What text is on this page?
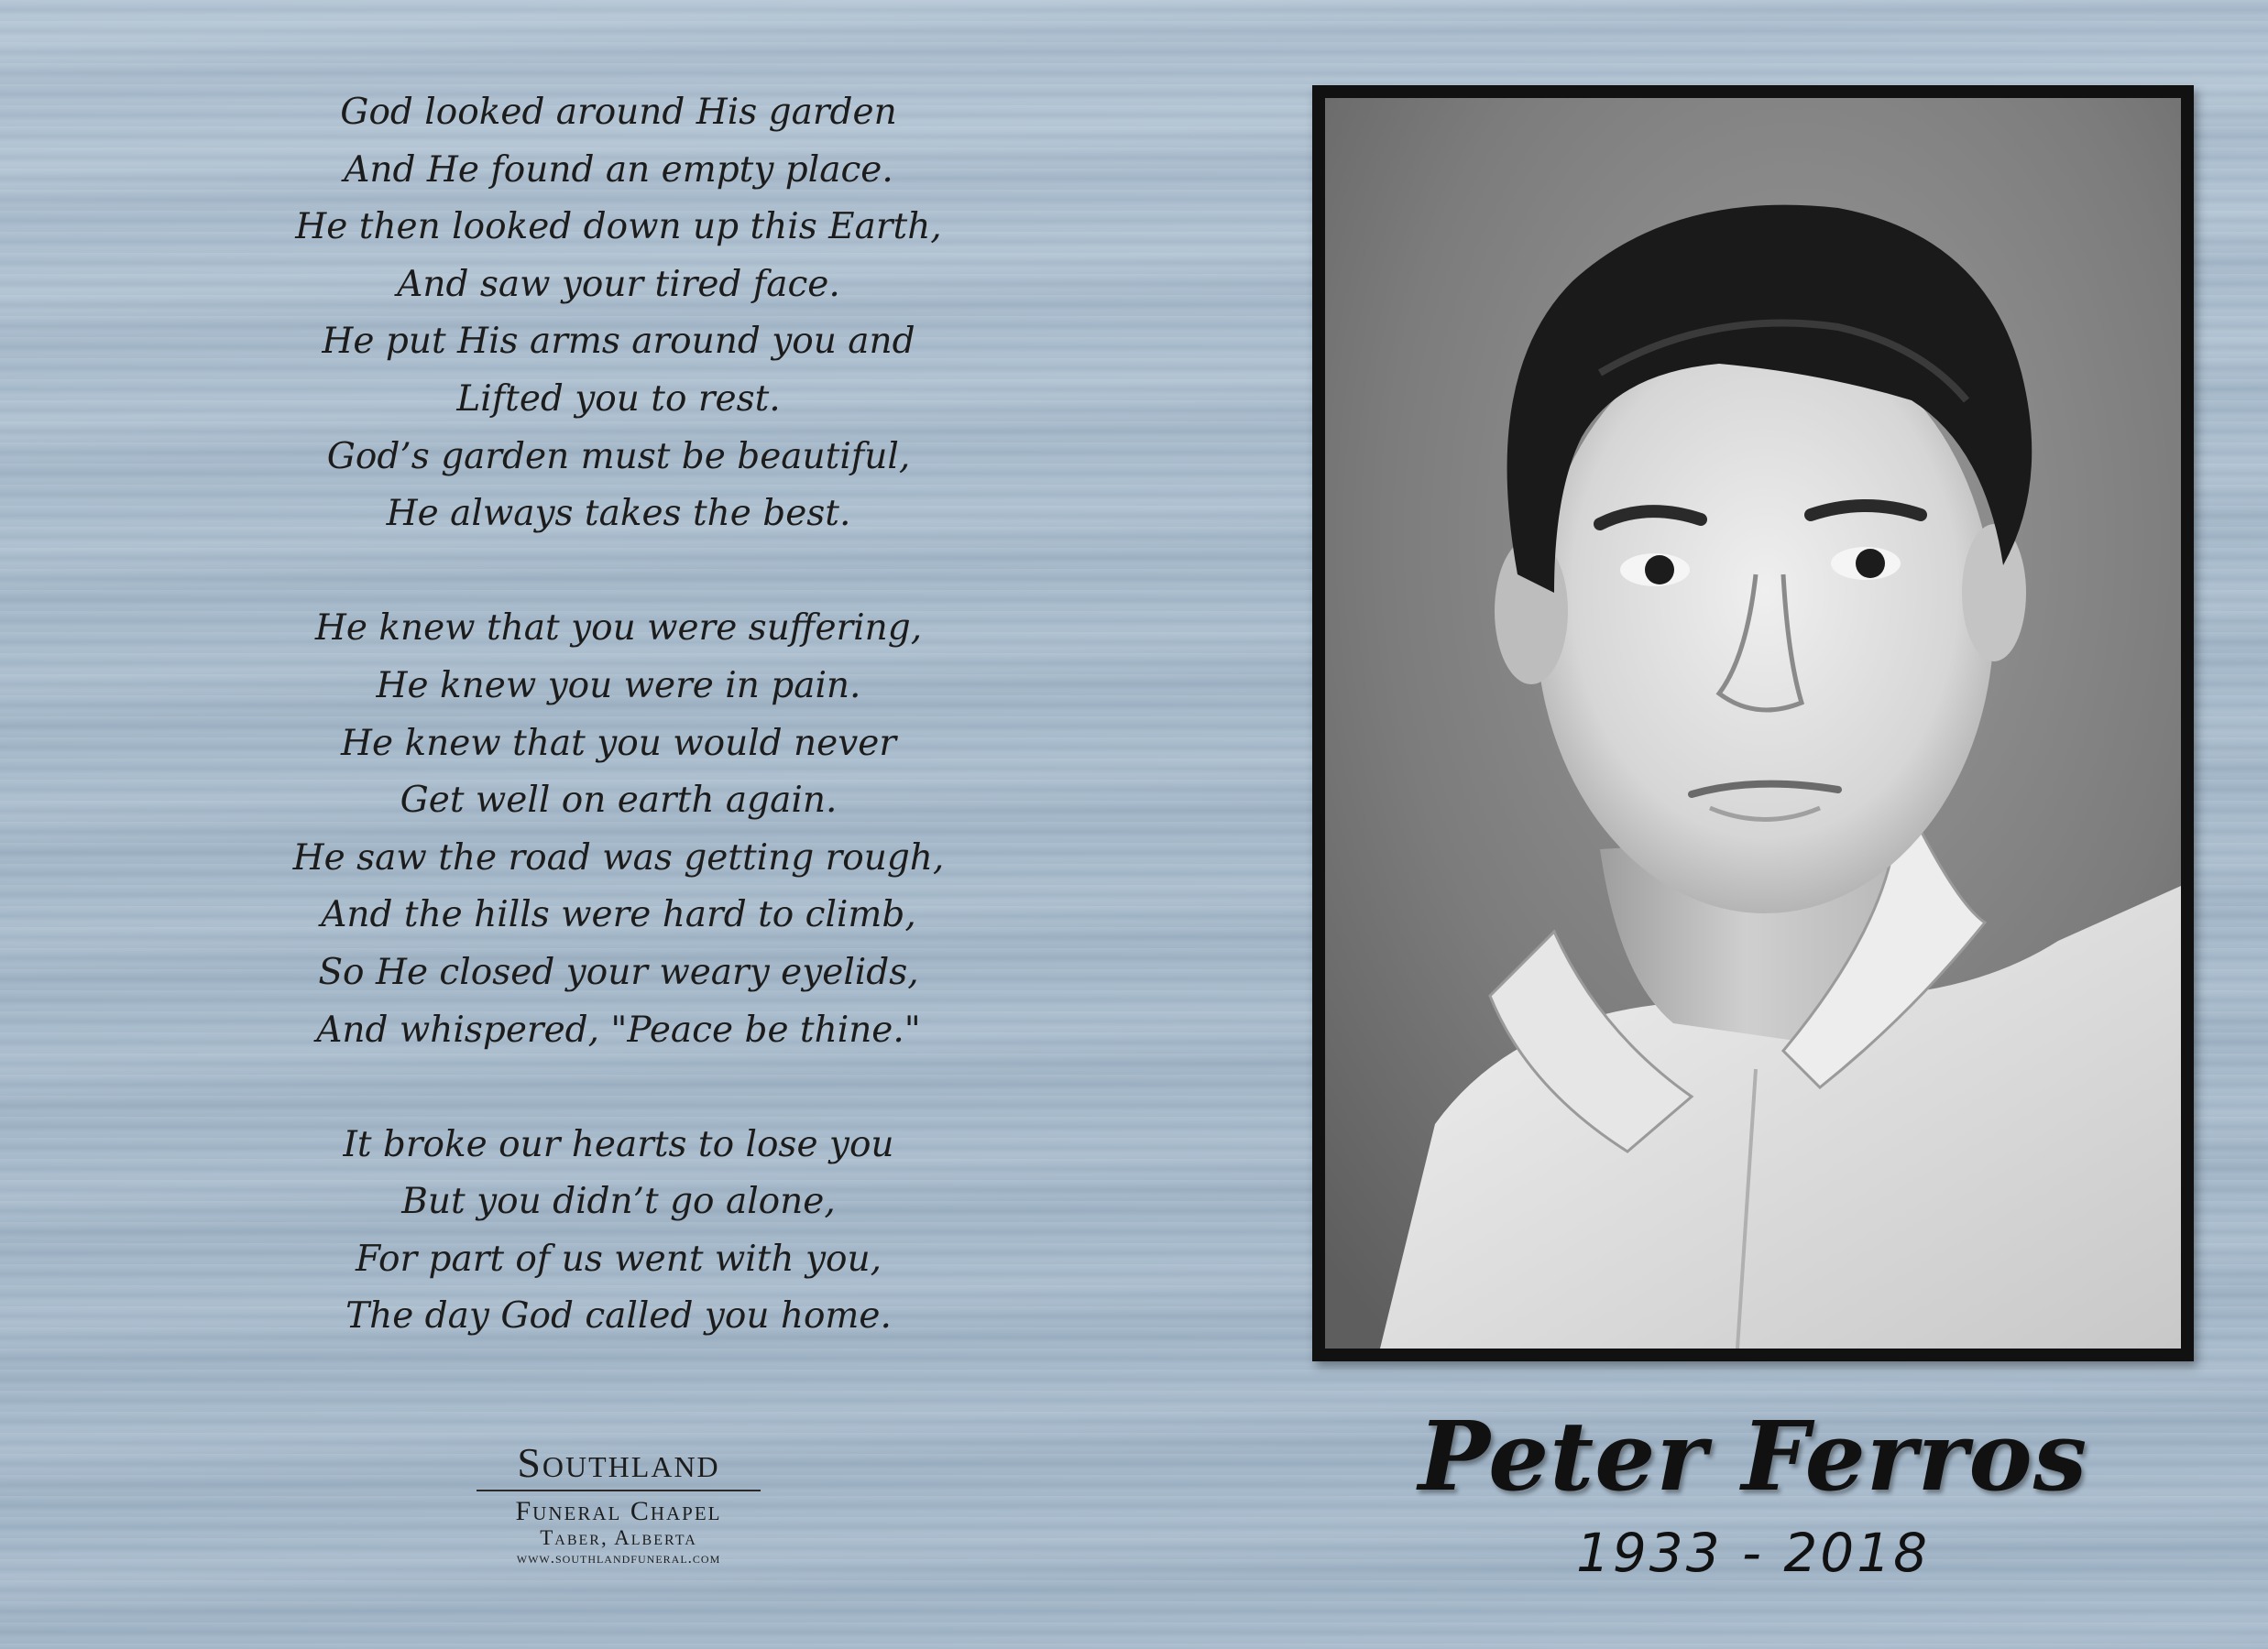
God looked around His garden
And He found an empty place.
He then looked down up this Earth,
And saw your tired face.
He put His arms around you and
Lifted you to rest.
God’s garden must be beautiful,
He always takes the best.
He knew that you were suffering,
He knew you were in pain.
He knew that you would never
Get well on earth again.
He saw the road was getting rough,
And the hills were hard to climb,
So He closed your weary eyelids,
And whispered, "Peace be thine."
It broke our hearts to lose you
But you didn’t go alone,
For part of us went with you,
The day God called you home.
Southland
Funeral Chapel
Taber, Alberta
www.southlandfuneral.com
Peter Ferros
1933 - 2018
